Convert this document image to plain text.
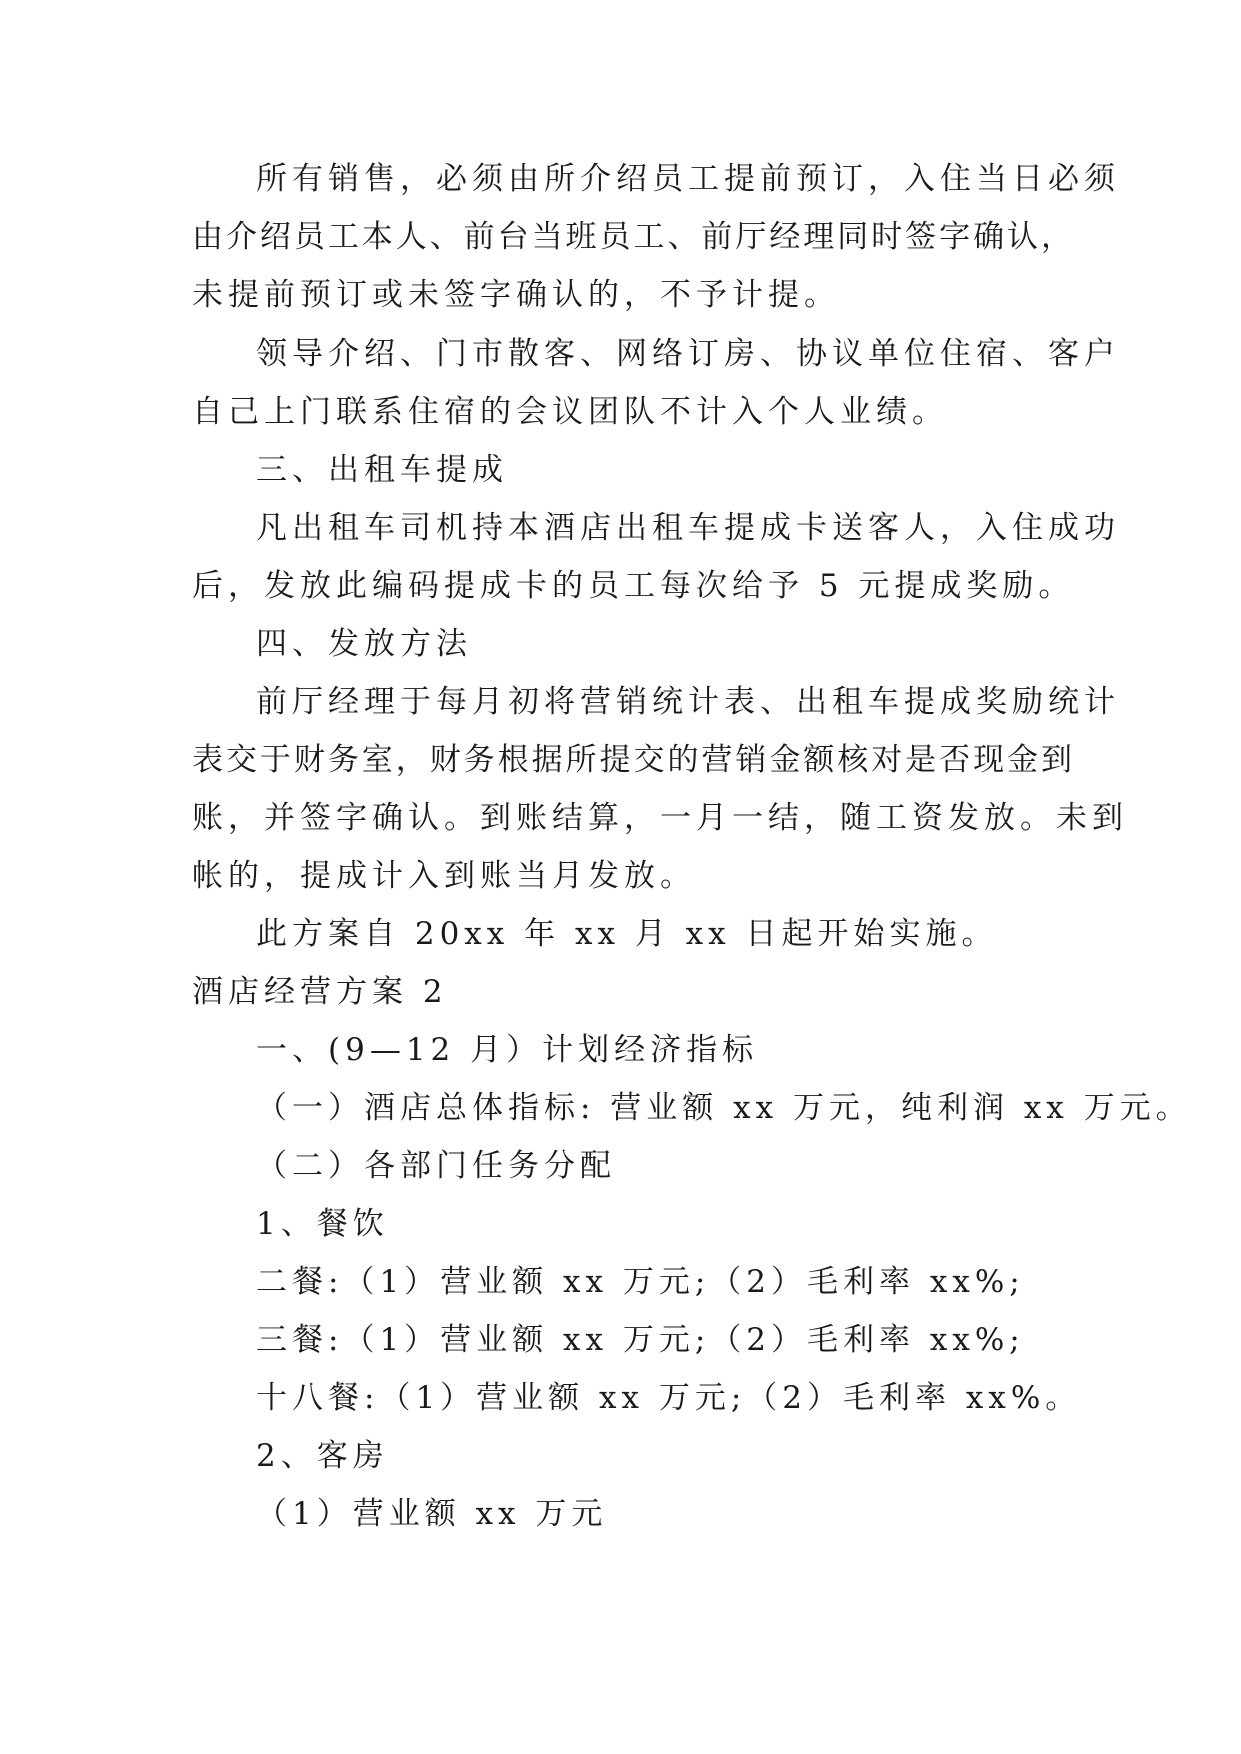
所有销售，必须由所介绍员工提前预订，入住当日必须
由介绍员工本人、前台当班员工、前厅经理同时签字确认，
未提前预订或未签字确认的，不予计提。
领导介绍、门市散客、网络订房、协议单位住宿、客户
自己上门联系住宿的会议团队不计入个人业绩。
三、出租车提成
凡出租车司机持本酒店出租车提成卡送客人，入住成功
后，发放此编码提成卡的员工每次给予 5 元提成奖励。
四、发放方法
前厅经理于每月初将营销统计表、出租车提成奖励统计
表交于财务室，财务根据所提交的营销金额核对是否现金到
账，并签字确认。到账结算，一月一结，随工资发放。未到
帐的，提成计入到账当月发放。
此方案自 20xx 年 xx 月 xx 日起开始实施。
酒店经营方案 2
一、(9—12 月）计划经济指标
（一）酒店总体指标: 营业额 xx 万元，纯利润 xx 万元。
（二）各部门任务分配
1、餐饮
二餐:（1）营业额 xx 万元;（2）毛利率 xx%;
三餐:（1）营业额 xx 万元;（2）毛利率 xx%;
十八餐:（1）营业额 xx 万元;（2）毛利率 xx%。
2、客房
（1）营业额 xx 万元
